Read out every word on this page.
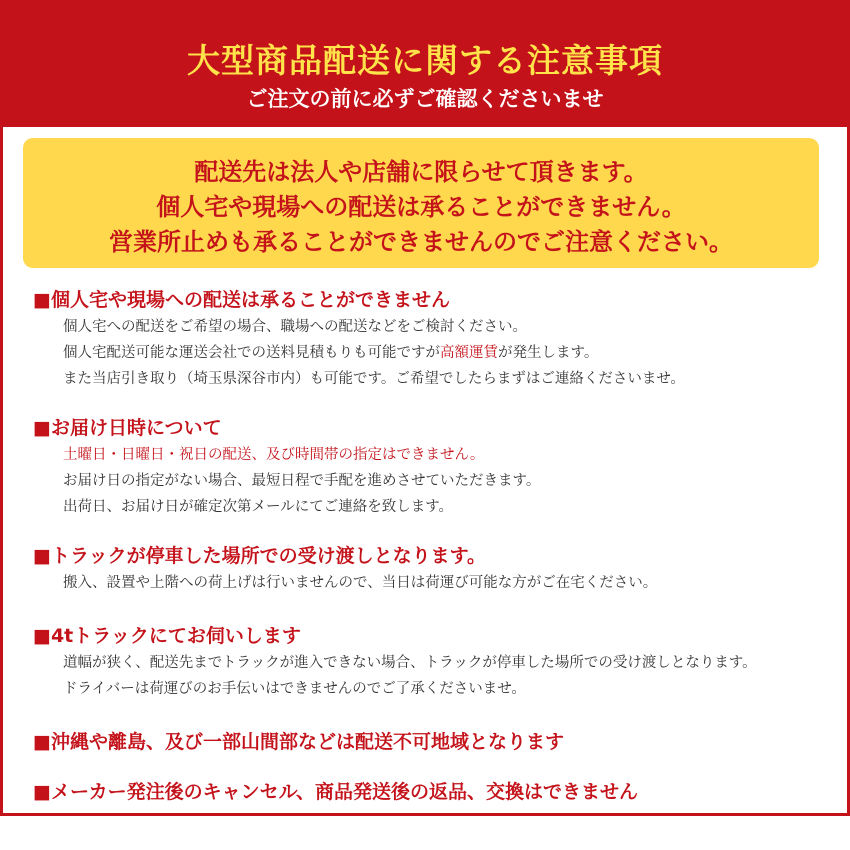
大型商品配送に関する注意事項
ご注文の前に必ずご確認くださいませ
配送先は法人や店舗に限らせて頂きます。
個人宅や現場への配送は承ることができません。
営業所止めも承ることができませんのでご注意ください。
■個人宅や現場への配送は承ることができません
個人宅への配送をご希望の場合、職場への配送などをご検討ください。
個人宅配送可能な運送会社での送料見積もりも可能ですが高額運賃が発生します。
また当店引き取り（埼玉県深谷市内）も可能です。ご希望でしたらまずはご連絡くださいませ。
■お届け日時について
土曜日・日曜日・祝日の配送、及び時間帯の指定はできません。
お届け日の指定がない場合、最短日程で手配を進めさせていただきます。
出荷日、お届け日が確定次第メールにてご連絡を致します。
■トラックが停車した場所での受け渡しとなります。
搬入、設置や上階への荷上げは行いませんので、当日は荷運び可能な方がご在宅ください。
■4tトラックにてお伺いします
道幅が狭く、配送先までトラックが進入できない場合、トラックが停車した場所での受け渡しとなります。
ドライバーは荷運びのお手伝いはできませんのでご了承くださいませ。
■沖縄や離島、及び一部山間部などは配送不可地域となります
■メーカー発注後のキャンセル、商品発送後の返品、交換はできません
